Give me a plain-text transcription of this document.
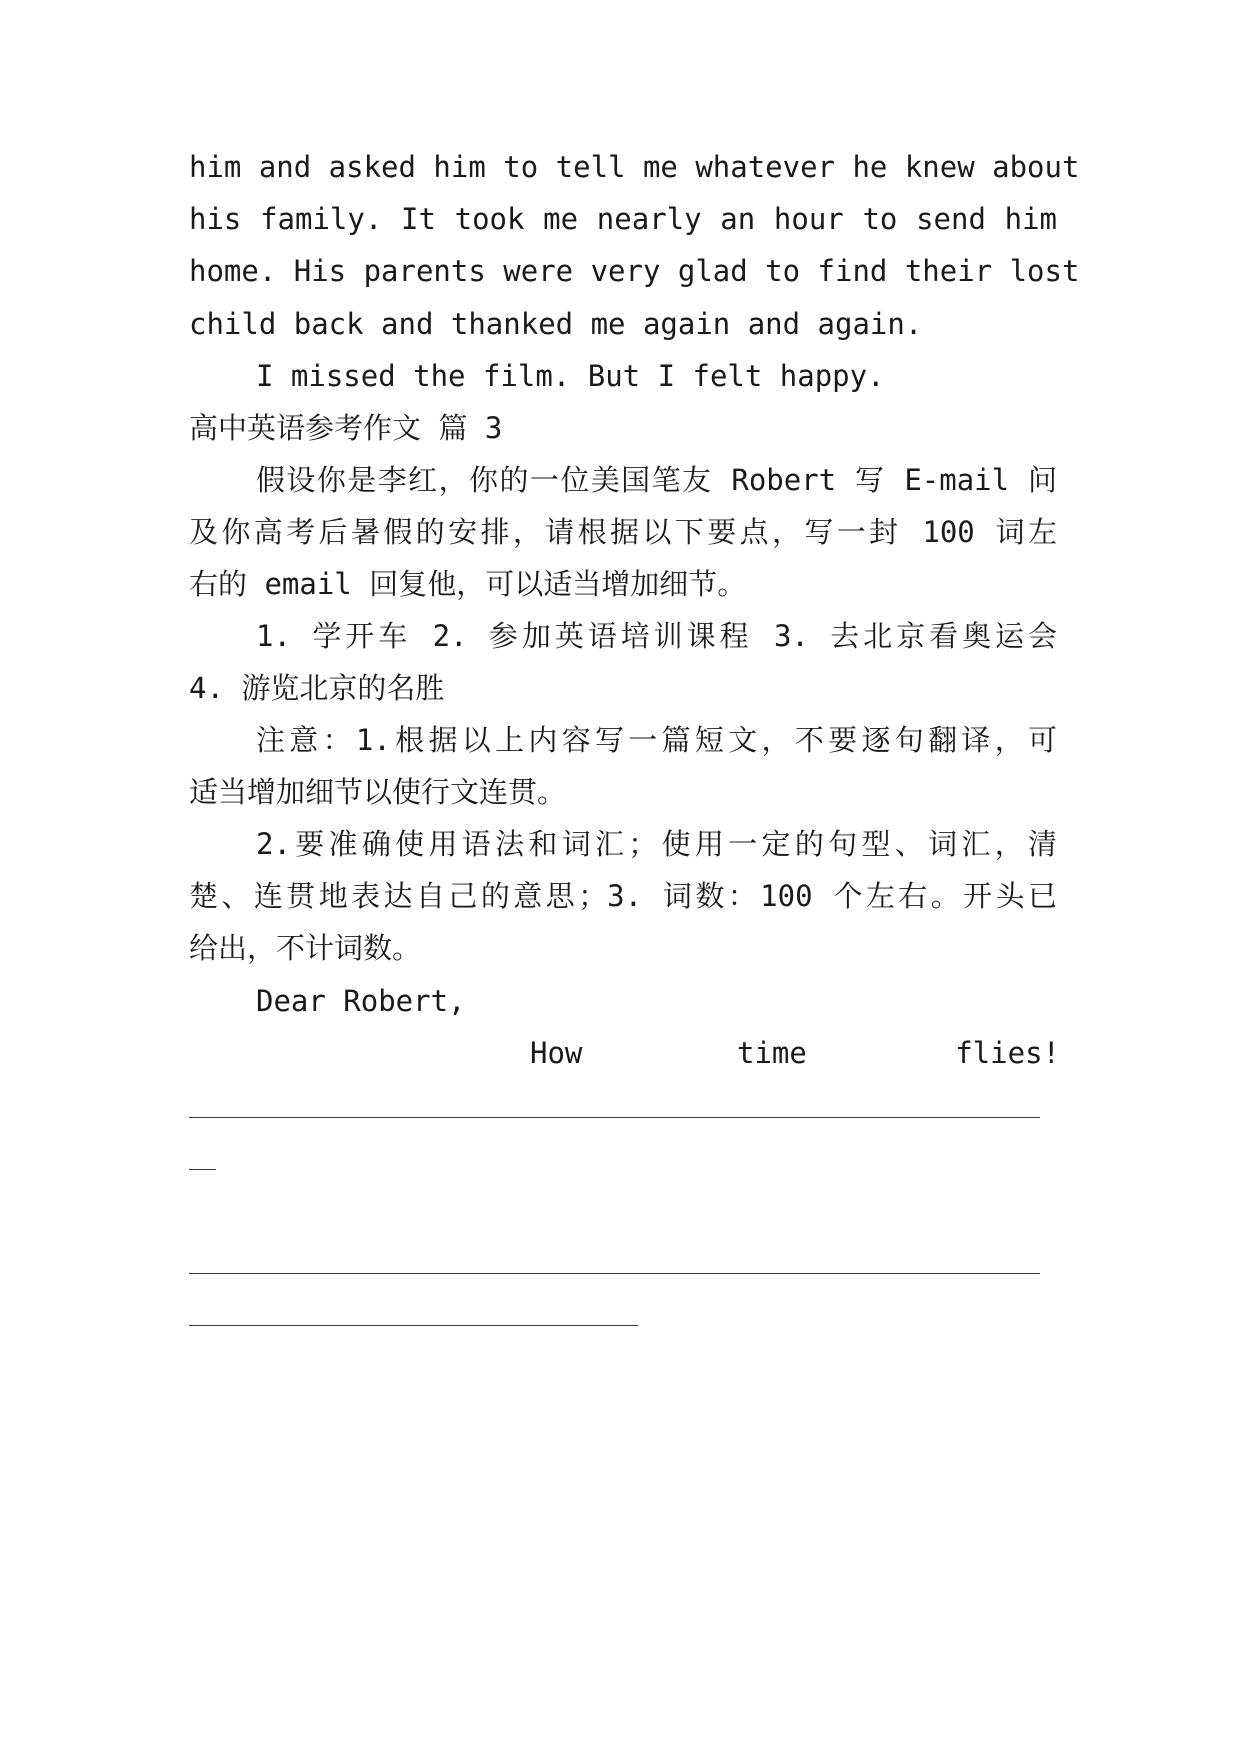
him and asked him to tell me whatever he knew about
his family. It took me nearly an hour to send him
home. His parents were very glad to find their lost
child back and thanked me again and again.
I missed the film. But I felt happy.
高中英语参考作文 篇 3
假设你是李红，你的一位美国笔友 Robert 写 E-mail 问
及你高考后暑假的安排，请根据以下要点，写一封 100 词左
右的 email 回复他，可以适当增加细节。
1. 学开车 2. 参加英语培训课程 3. 去北京看奥运会
4. 游览北京的名胜
注意：1.根据以上内容写一篇短文，不要逐句翻译，可
适当增加细节以使行文连贯。
2.要准确使用语法和词汇；使用一定的句型、词汇，清
楚、连贯地表达自己的意思；3. 词数：100 个左右。开头已
给出，不计词数。
Dear Robert,
How	time	flies!
